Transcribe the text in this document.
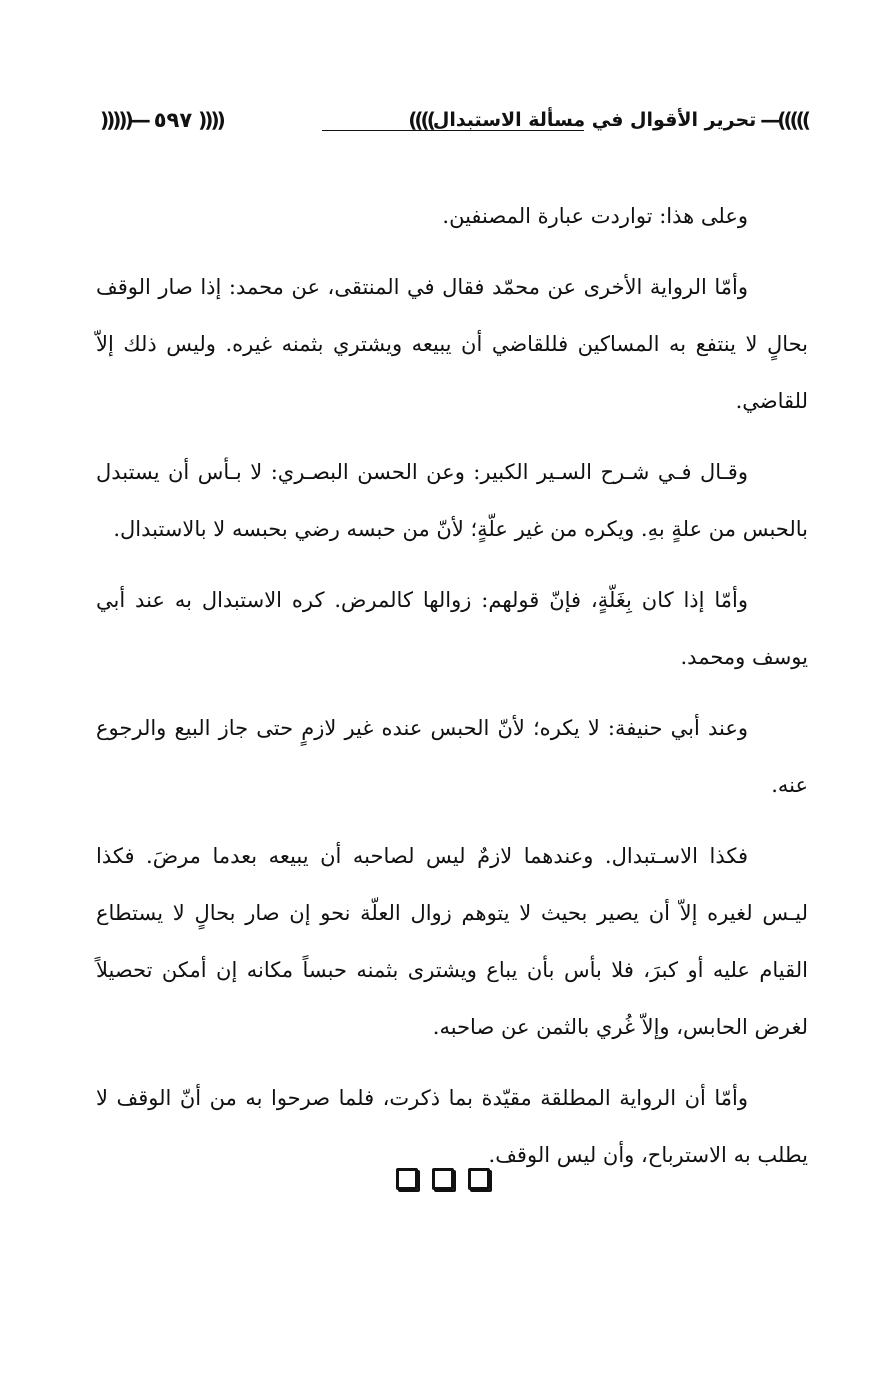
(((( تحرير الأقوال في مسألة الاستبدال —(((((
)))))— ٥٩٧ ))))

وعلى هذا: تواردت عبارة المصنفين.

وأمّا الرواية الأخرى عن محمّد فقال في المنتقى، عن محمد: إذا صار الوقف بحالٍ لا ينتفع به المساكين فللقاضي أن يبيعه ويشتري بثمنه غيره. وليس ذلك إلاّ للقاضي.

وقـال فـي شـرح السـير الكبير: وعن الحسن البصـري: لا بـأس أن يستبدل بالحبس من علةٍ بهِ. ويكره من غير علّةٍ؛ لأنّ من حبسه رضي بحبسه لا بالاستبدال.

وأمّا إذا كان بِغَلّةٍ، فإنّ قولهم: زوالها كالمرض. كره الاستبدال به عند أبي يوسف ومحمد.

وعند أبي حنيفة: لا يكره؛ لأنّ الحبس عنده غير لازمٍ حتى جاز البيع والرجوع عنه.

فكذا الاسـتبدال. وعندهما لازمٌ ليس لصاحبه أن يبيعه بعدما مرضَ. فكذا ليـس لغيره إلاّ أن يصير بحيث لا يتوهم زوال العلّة نحو إن صار بحالٍ لا يستطاع القيام عليه أو كبرَ، فلا بأس بأن يباع ويشترى بثمنه حبساً مكانه إن أمكن تحصيلاً لغرض الحابس، وإلاّ غُري بالثمن عن صاحبه.

وأمّا أن الرواية المطلقة مقيّدة بما ذكرت، فلما صرحوا به من أنّ الوقف لا يطلب به الاسترباح، وأن ليس الوقف.
